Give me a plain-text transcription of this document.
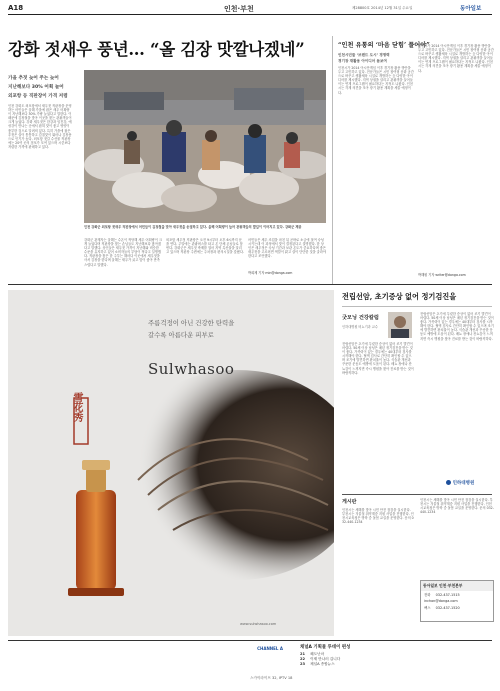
A18	인천·부천	제28800호 2014년 12월 31일 수요일	동아일보
강화 젓새우 풍년… “올 김장 맛깔나겠네”
가을 추젓 늦어 주는 늦어
지난해보다 30% 어획 늘어
외포항 등 직판장이 가격 저렴
인천 강화군 외포항 젓새우 직판장에서 어민들이 김장철을 맞아 새우젓을 손질하고 있다. 올해 어획량이 늘어 관광객들의 발길이 이어지고 있다. 강화군 제공
인천 강화도 외포항에서 새우젓 직판장을 운영하는 어민들은 올해 가을에 잡은 새우 어획량이 지난해보다 30% 가량 늘었다고 말한다. 이 때문에 김장철을 맞아 이곳을 찾는 관광객들이 크게 늘었다. 강화 새우젓은 한강과 임진강, 예성강이 만나는 곳에서 잡혀 맛이 좋고 영양이 풍부한 것으로 알려져 있다. 특히 가을에 잡은 추젓은 살이 통통하고 감칠맛이 뛰어나 김장용으로 인기가 높다. 외포항 젓갈 수산물 직판장에는 20여 곳의 점포가 모여 있으며 시중보다 저렴한 가격에 판매하고 있다.
강화군 관계자는 올해는 수온이 적당해 새우 어획량이 크게 늘었다며 직판장을 찾는 손님들도 지난해보다 많아졌다고 말했다. 상인들은 새우젓 가격이 지난해와 비슷한 수준을 유지하고 있어 소비자들의 부담이 적다고 설명했다. 직판장을 찾은 한 주부는 해마다 이곳에서 새우젓을 사서 김장을 한다며 올해는 새우가 굵고 맛이 좋아 만족스럽다고 말했다.
외포항 새우젓 직판장은 오전 9시부터 오후 6시까지 문을 연다. 주말에는 관광버스를 타고 온 단체 손님들로 붐빈다. 강화군은 새우젓 축제를 열어 지역 특산물을 알리고 있으며 직판장 주변에는 주차장과 편의시설을 갖췄다.
어민들은 새우 조업을 마친 뒤 곧바로 소금에 절여 숙성시키는데 이 과정에서 맛이 결정된다고 설명했다. 한 상인은 새우젓은 숙성 기간과 보관 온도가 중요하다며 좋은 새우젓을 고르려면 색깔이 맑고 살이 단단한 것을 골라야 한다고 조언했다.
박희제 기자 min@donga.com
“인천 유통의 ‘마음 닫힘’ 풀어야”
인천시민들 ‘브랜드 도시’ 경쟁력
경기장 재활용 아이디어 돋보여
인천시가 2014 아시안게임 이후 경기장 활용 방안을 두고 고민하고 있다. 전문가들은 시민 참여형 문화 공간으로 바꾸고 생활체육 시설로 개방하는 등 다양한 아이디어를 제시했다. 지역 상권을 살리고 관광객을 끌어들이는 연계 프로그램이 필요하다는 지적도 나왔다. 인천시는 각계 의견을 모아 장기 활용 계획을 세울 예정이다.
인천시가 2014 아시안게임 이후 경기장 활용 방안을 두고 고민하고 있다. 전문가들은 시민 참여형 문화 공간으로 바꾸고 생활체육 시설로 개방하는 등 다양한 아이디어를 제시했다. 지역 상권을 살리고 관광객을 끌어들이는 연계 프로그램이 필요하다는 지적도 나왔다. 인천시는 각계 의견을 모아 장기 활용 계획을 세울 예정이다.
박해원 기자 writer@donga.com
雪花秀
주름걱정이 아닌 건강한 탄력을
갈수록 아름다운 피부로
Sulwhasoo
www.sulwhasoo.com
전립선암, 초기증상 없어 정기검진을
굿모닝 건강칼럼
인하대병원 비뇨기과 교수
전립선암은 초기에 뚜렷한 증상이 없어 조기 발견이 어렵다. 50세 이상 남성은 매년 정기검진을 받는 것이 좋다. 가족력이 있는 경우에는 40대부터 검사를 시작해야 한다. 혈액 검사로 간단히 확인할 수 있으며 조기에 발견하면 완치율이 높다. 식습관 개선과 꾸준한 운동도 예방에 도움이 된다. 배뇨 장애나 잔뇨감이 느껴지면 즉시 병원을 찾아 진료를 받는 것이 바람직하다.
전립선암은 초기에 뚜렷한 증상이 없어 조기 발견이 어렵다. 50세 이상 남성은 매년 정기검진을 받는 것이 좋다. 가족력이 있는 경우에는 40대부터 검사를 시작해야 한다. 혈액 검사로 간단히 확인할 수 있으며 조기에 발견하면 완치율이 높다. 식습관 개선과 꾸준한 운동도 예방에 도움이 된다. 배뇨 장애나 잔뇨감이 느껴지면 즉시 병원을 찾아 진료를 받는 것이 바람직하다.
인하대병원
게시판
인천시는 새해를 맞아 시민 안전 점검을 실시한다. 부천시는 겨울철 취약계층 지원 사업을 진행한다. 인천시교육청은 방학 중 돌봄 교실을 운영한다. 문의 032-440-1234
인천시는 새해를 맞아 시민 안전 점검을 실시한다. 부천시는 겨울철 취약계층 지원 사업을 진행한다. 인천시교육청은 방학 중 돌봄 교실을 운영한다. 문의 032-440-1234
동아일보 인천·부천본부
전화 032-437-1515
inchon@donga.com
팩스 032-437-1520
CHANNEL A	채널A 기획물 투데이 편성
21 쾌도난마
22 이제 만나러 갑니다
23 채널A 종합뉴스
스카이라이프 32, IPTV 18
